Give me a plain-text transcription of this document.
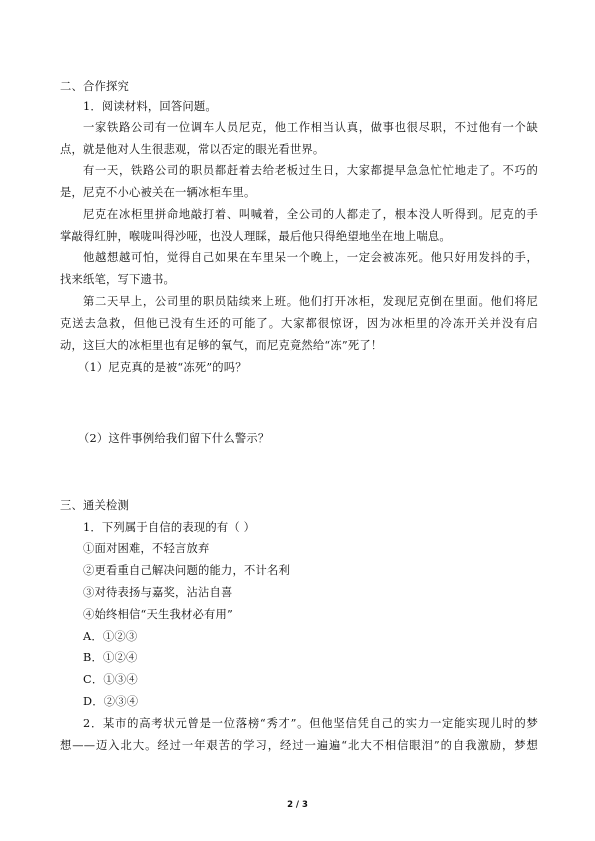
二、合作探究
1．阅读材料，回答问题。
一家铁路公司有一位调车人员尼克，他工作相当认真，做事也很尽职，不过他有一个缺
点，就是他对人生很悲观，常以否定的眼光看世界。
有一天，铁路公司的职员都赶着去给老板过生日，大家都提早急急忙忙地走了。不巧的
是，尼克不小心被关在一辆冰柜车里。
尼克在冰柜里拼命地敲打着、叫喊着，全公司的人都走了，根本没人听得到。尼克的手
掌敲得红肿，喉咙叫得沙哑，也没人理睬，最后他只得绝望地坐在地上喘息。
他越想越可怕，觉得自己如果在车里呆一个晚上，一定会被冻死。他只好用发抖的手，
找来纸笔，写下遗书。
第二天早上，公司里的职员陆续来上班。他们打开冰柜，发现尼克倒在里面。他们将尼
克送去急救，但他已没有生还的可能了。大家都很惊讶，因为冰柜里的冷冻开关并没有启
动，这巨大的冰柜里也有足够的氧气，而尼克竟然给“冻”死了！
（1）尼克真的是被“冻死”的吗？
（2）这件事例给我们留下什么警示？
三、通关检测
1．下列属于自信的表现的有（ ）
①面对困难，不轻言放弃
②更看重自己解决问题的能力，不计名利
③对待表扬与嘉奖，沾沾自喜
④始终相信“天生我材必有用”
A．①②③
B．①②④
C．①③④
D．②③④
2．某市的高考状元曾是一位落榜“秀才”。但他坚信凭自己的实力一定能实现儿时的梦
想——迈入北大。经过一年艰苦的学习，经过一遍遍“北大不相信眼泪”的自我激励，梦想
2 / 3
